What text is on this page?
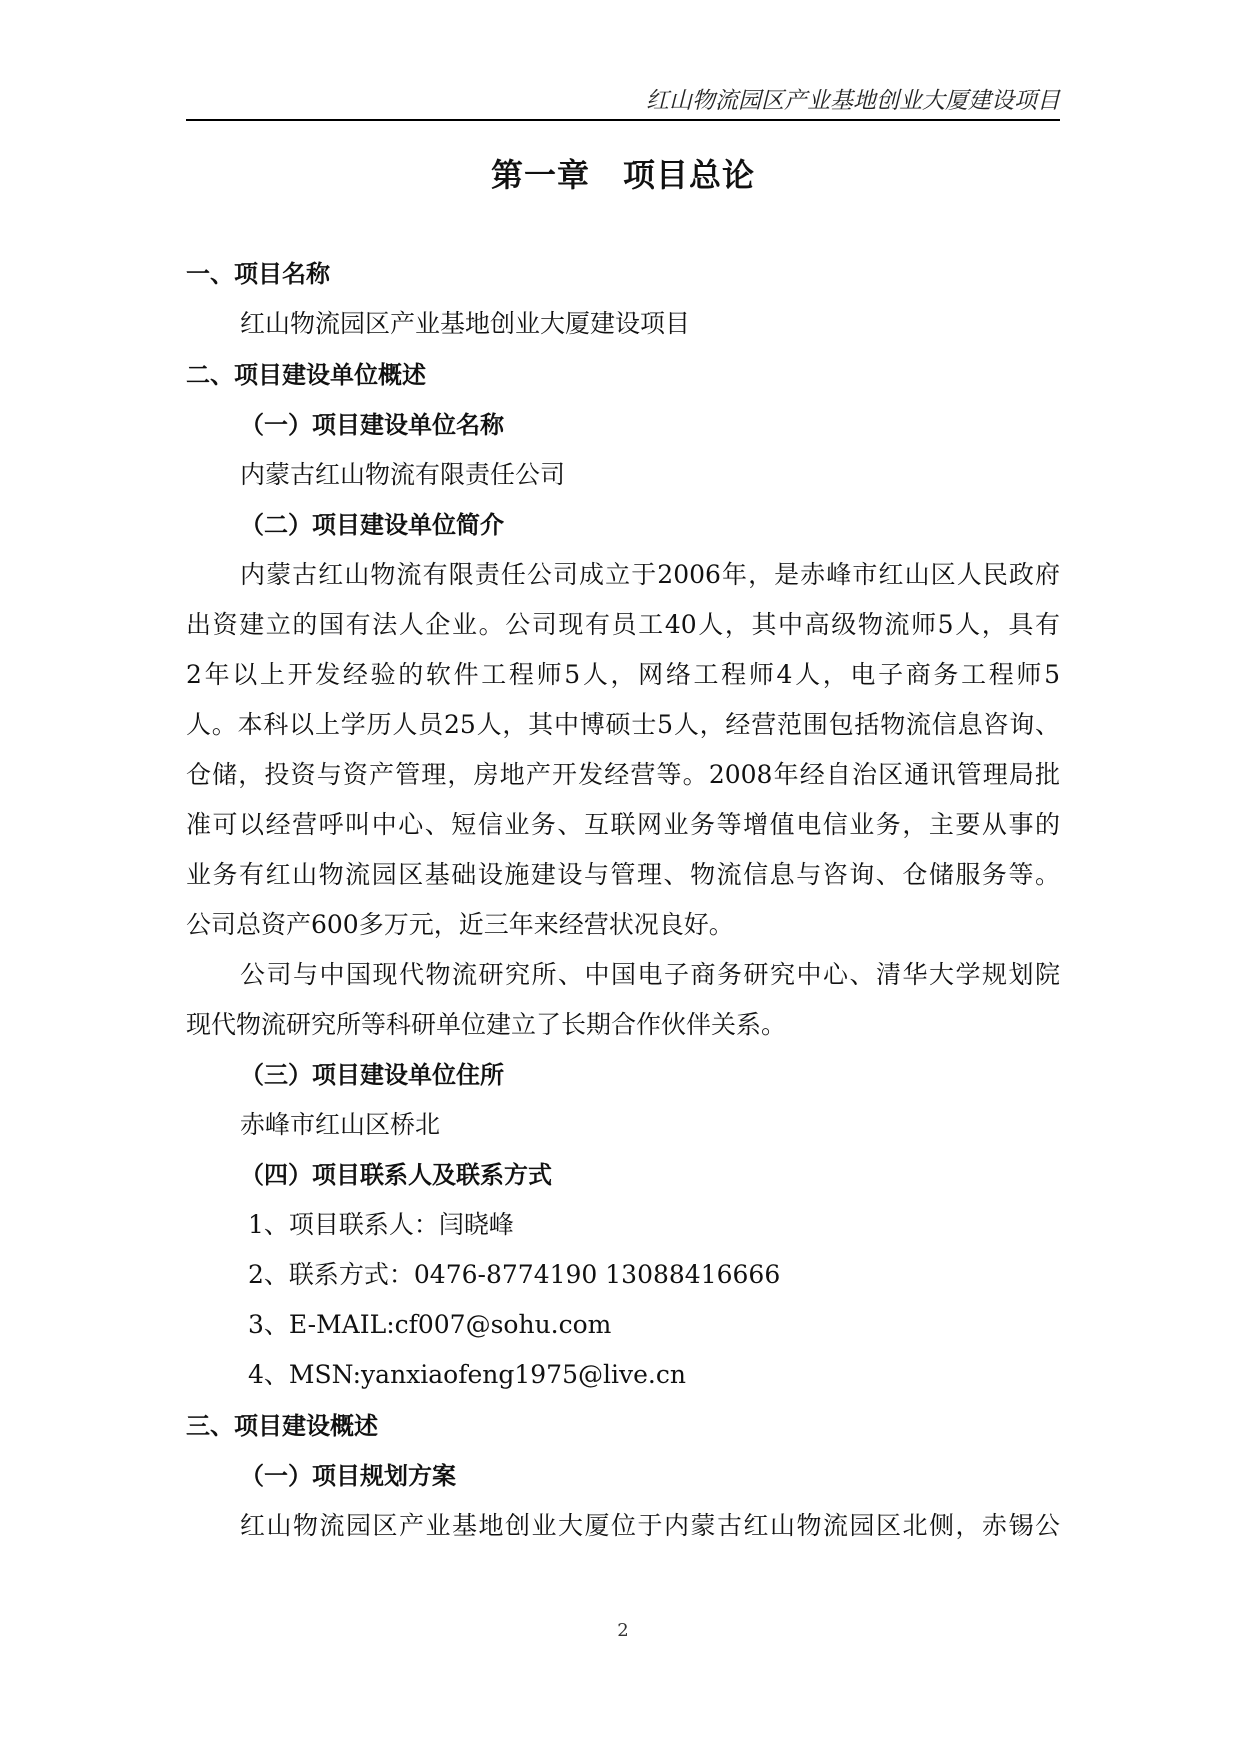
红山物流园区产业基地创业大厦建设项目
第一章　项目总论
一、项目名称
红山物流园区产业基地创业大厦建设项目
二、项目建设单位概述
（一）项目建设单位名称
内蒙古红山物流有限责任公司
（二）项目建设单位简介
内蒙古红山物流有限责任公司成立于2006年，是赤峰市红山区人民政府
出资建立的国有法人企业。公司现有员工40人，其中高级物流师5人，具有
2年以上开发经验的软件工程师5人，网络工程师4人，电子商务工程师5
人。本科以上学历人员25人，其中博硕士5人，经营范围包括物流信息咨询、
仓储，投资与资产管理，房地产开发经营等。2008年经自治区通讯管理局批
准可以经营呼叫中心、短信业务、互联网业务等增值电信业务，主要从事的
业务有红山物流园区基础设施建设与管理、物流信息与咨询、仓储服务等。
公司总资产600多万元，近三年来经营状况良好。
公司与中国现代物流研究所、中国电子商务研究中心、清华大学规划院
现代物流研究所等科研单位建立了长期合作伙伴关系。
（三）项目建设单位住所
赤峰市红山区桥北
（四）项目联系人及联系方式
1、项目联系人：闫晓峰
2、联系方式：0476-8774190 13088416666
3、E-MAIL:cf007@sohu.com
4、MSN:yanxiaofeng1975@live.cn
三、项目建设概述
（一）项目规划方案
红山物流园区产业基地创业大厦位于内蒙古红山物流园区北侧，赤锡公
2
